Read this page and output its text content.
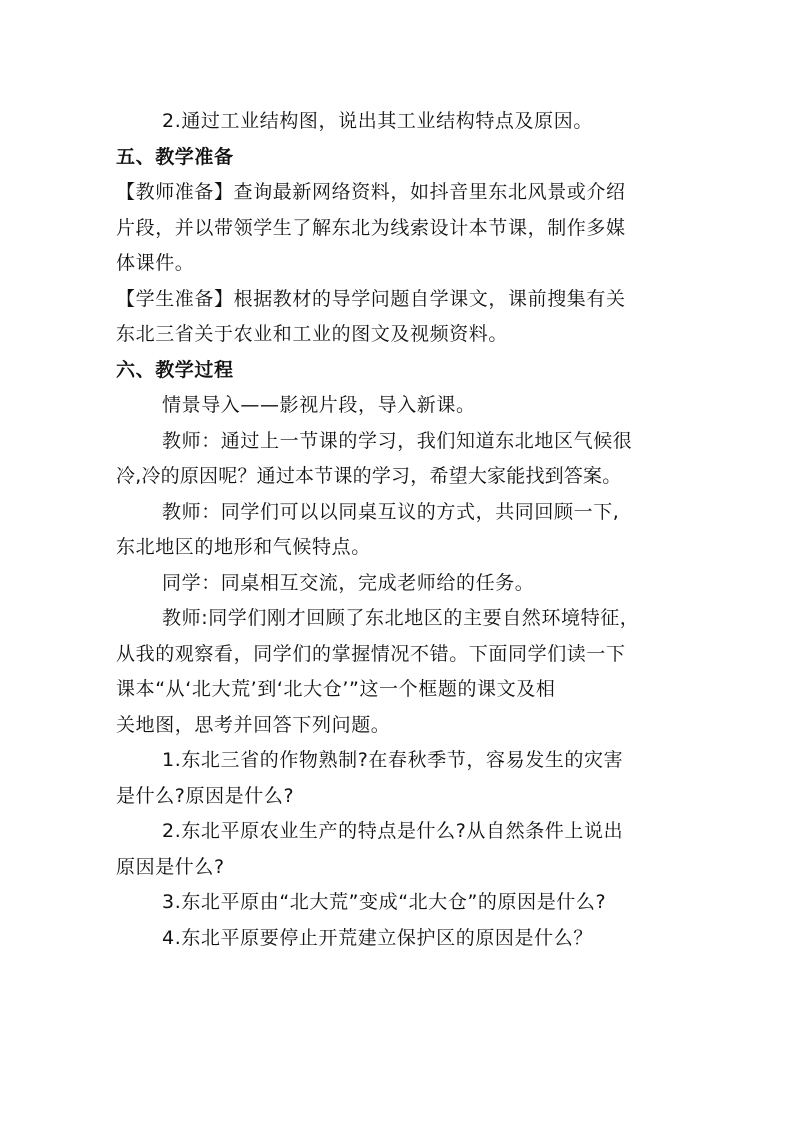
2.通过工业结构图，说出其工业结构特点及原因。
五、教学准备
【教师准备】查询最新网络资料，如抖音里东北风景或介绍
片段，并以带领学生了解东北为线索设计本节课，制作多媒
体课件。
【学生准备】根据教材的导学问题自学课文，课前搜集有关
东北三省关于农业和工业的图文及视频资料。
六、教学过程
情景导入——影视片段，导入新课。
教师：通过上一节课的学习，我们知道东北地区气候很
冷,冷的原因呢？通过本节课的学习，希望大家能找到答案。
教师：同学们可以以同桌互议的方式，共同回顾一下,
东北地区的地形和气候特点。
同学：同桌相互交流，完成老师给的任务。
教师:同学们刚才回顾了东北地区的主要自然环境特征，
从我的观察看，同学们的掌握情况不错。下面同学们读一下
课本“从‘北大荒’到‘北大仓’”这一个框题的课文及相
关地图，思考并回答下列问题。
1.东北三省的作物熟制?在春秋季节，容易发生的灾害
是什么?原因是什么?
2.东北平原农业生产的特点是什么?从自然条件上说出
原因是什么?
3.东北平原由“北大荒”变成“北大仓”的原因是什么?
4.东北平原要停止开荒建立保护区的原因是什么？
